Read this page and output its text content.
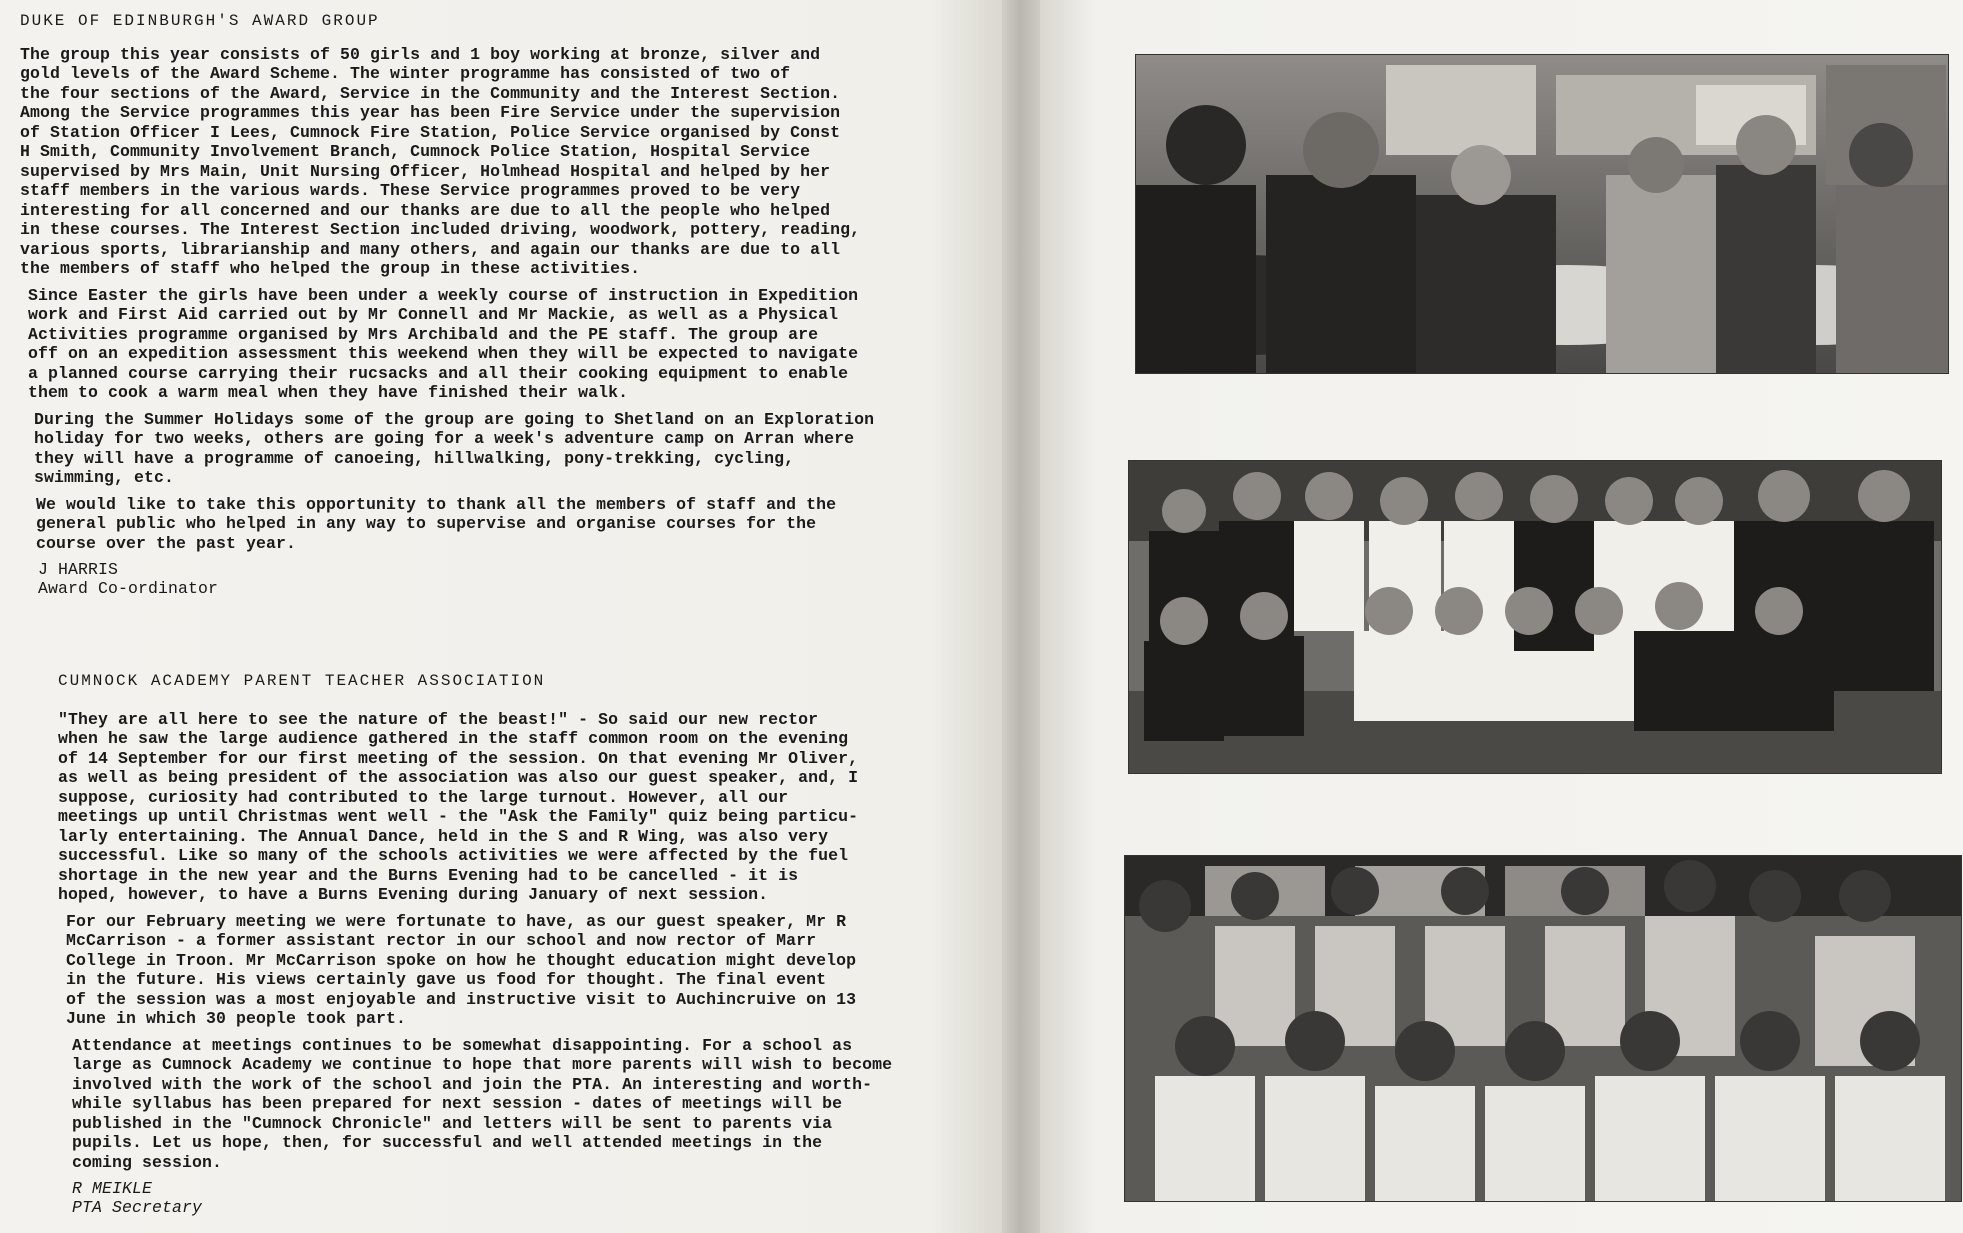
DUKE OF EDINBURGH'S AWARD GROUP

The group this year consists of 50 girls and 1 boy working at bronze, silver and
gold levels of the Award Scheme. The winter programme has consisted of two of
the four sections of the Award, Service in the Community and the Interest Section.
Among the Service programmes this year has been Fire Service under the supervision
of Station Officer I Lees, Cumnock Fire Station, Police Service organised by Const
H Smith, Community Involvement Branch, Cumnock Police Station, Hospital Service
supervised by Mrs Main, Unit Nursing Officer, Holmhead Hospital and helped by her
staff members in the various wards. These Service programmes proved to be very
interesting for all concerned and our thanks are due to all the people who helped
in these courses. The Interest Section included driving, woodwork, pottery, reading,
various sports, librarianship and many others, and again our thanks are due to all
the members of staff who helped the group in these activities.

Since Easter the girls have been under a weekly course of instruction in Expedition
work and First Aid carried out by Mr Connell and Mr Mackie, as well as a Physical
Activities programme organised by Mrs Archibald and the PE staff. The group are
off on an expedition assessment this weekend when they will be expected to navigate
a planned course carrying their rucsacks and all their cooking equipment to enable
them to cook a warm meal when they have finished their walk.

During the Summer Holidays some of the group are going to Shetland on an Exploration
holiday for two weeks, others are going for a week's adventure camp on Arran where
they will have a programme of canoeing, hillwalking, pony-trekking, cycling,
swimming, etc.

We would like to take this opportunity to thank all the members of staff and the
general public who helped in any way to supervise and organise courses for the
course over the past year.

J HARRIS

Award Co-ordinator

CUMNOCK ACADEMY PARENT TEACHER ASSOCIATION

"They are all here to see the nature of the beast!" - So said our new rector
when he saw the large audience gathered in the staff common room on the evening
of 14 September for our first meeting of the session. On that evening Mr Oliver,
as well as being president of the association was also our guest speaker, and, I
suppose, curiosity had contributed to the large turnout. However, all our
meetings up until Christmas went well - the "Ask the Family" quiz being particu-
larly entertaining. The Annual Dance, held in the S and R Wing, was also very
successful. Like so many of the schools activities we were affected by the fuel
shortage in the new year and the Burns Evening had to be cancelled - it is
hoped, however, to have a Burns Evening during January of next session.

For our February meeting we were fortunate to have, as our guest speaker, Mr R
McCarrison - a former assistant rector in our school and now rector of Marr
College in Troon. Mr McCarrison spoke on how he thought education might develop
in the future. His views certainly gave us food for thought. The final event
of the session was a most enjoyable and instructive visit to Auchincruive on 13
June in which 30 people took part.

Attendance at meetings continues to be somewhat disappointing. For a school as
large as Cumnock Academy we continue to hope that more parents will wish to become
involved with the work of the school and join the PTA. An interesting and worth-
while syllabus has been prepared for next session - dates of meetings will be
published in the "Cumnock Chronicle" and letters will be sent to parents via
pupils. Let us hope, then, for successful and well attended meetings in the
coming session.

R MEIKLE

PTA Secretary
